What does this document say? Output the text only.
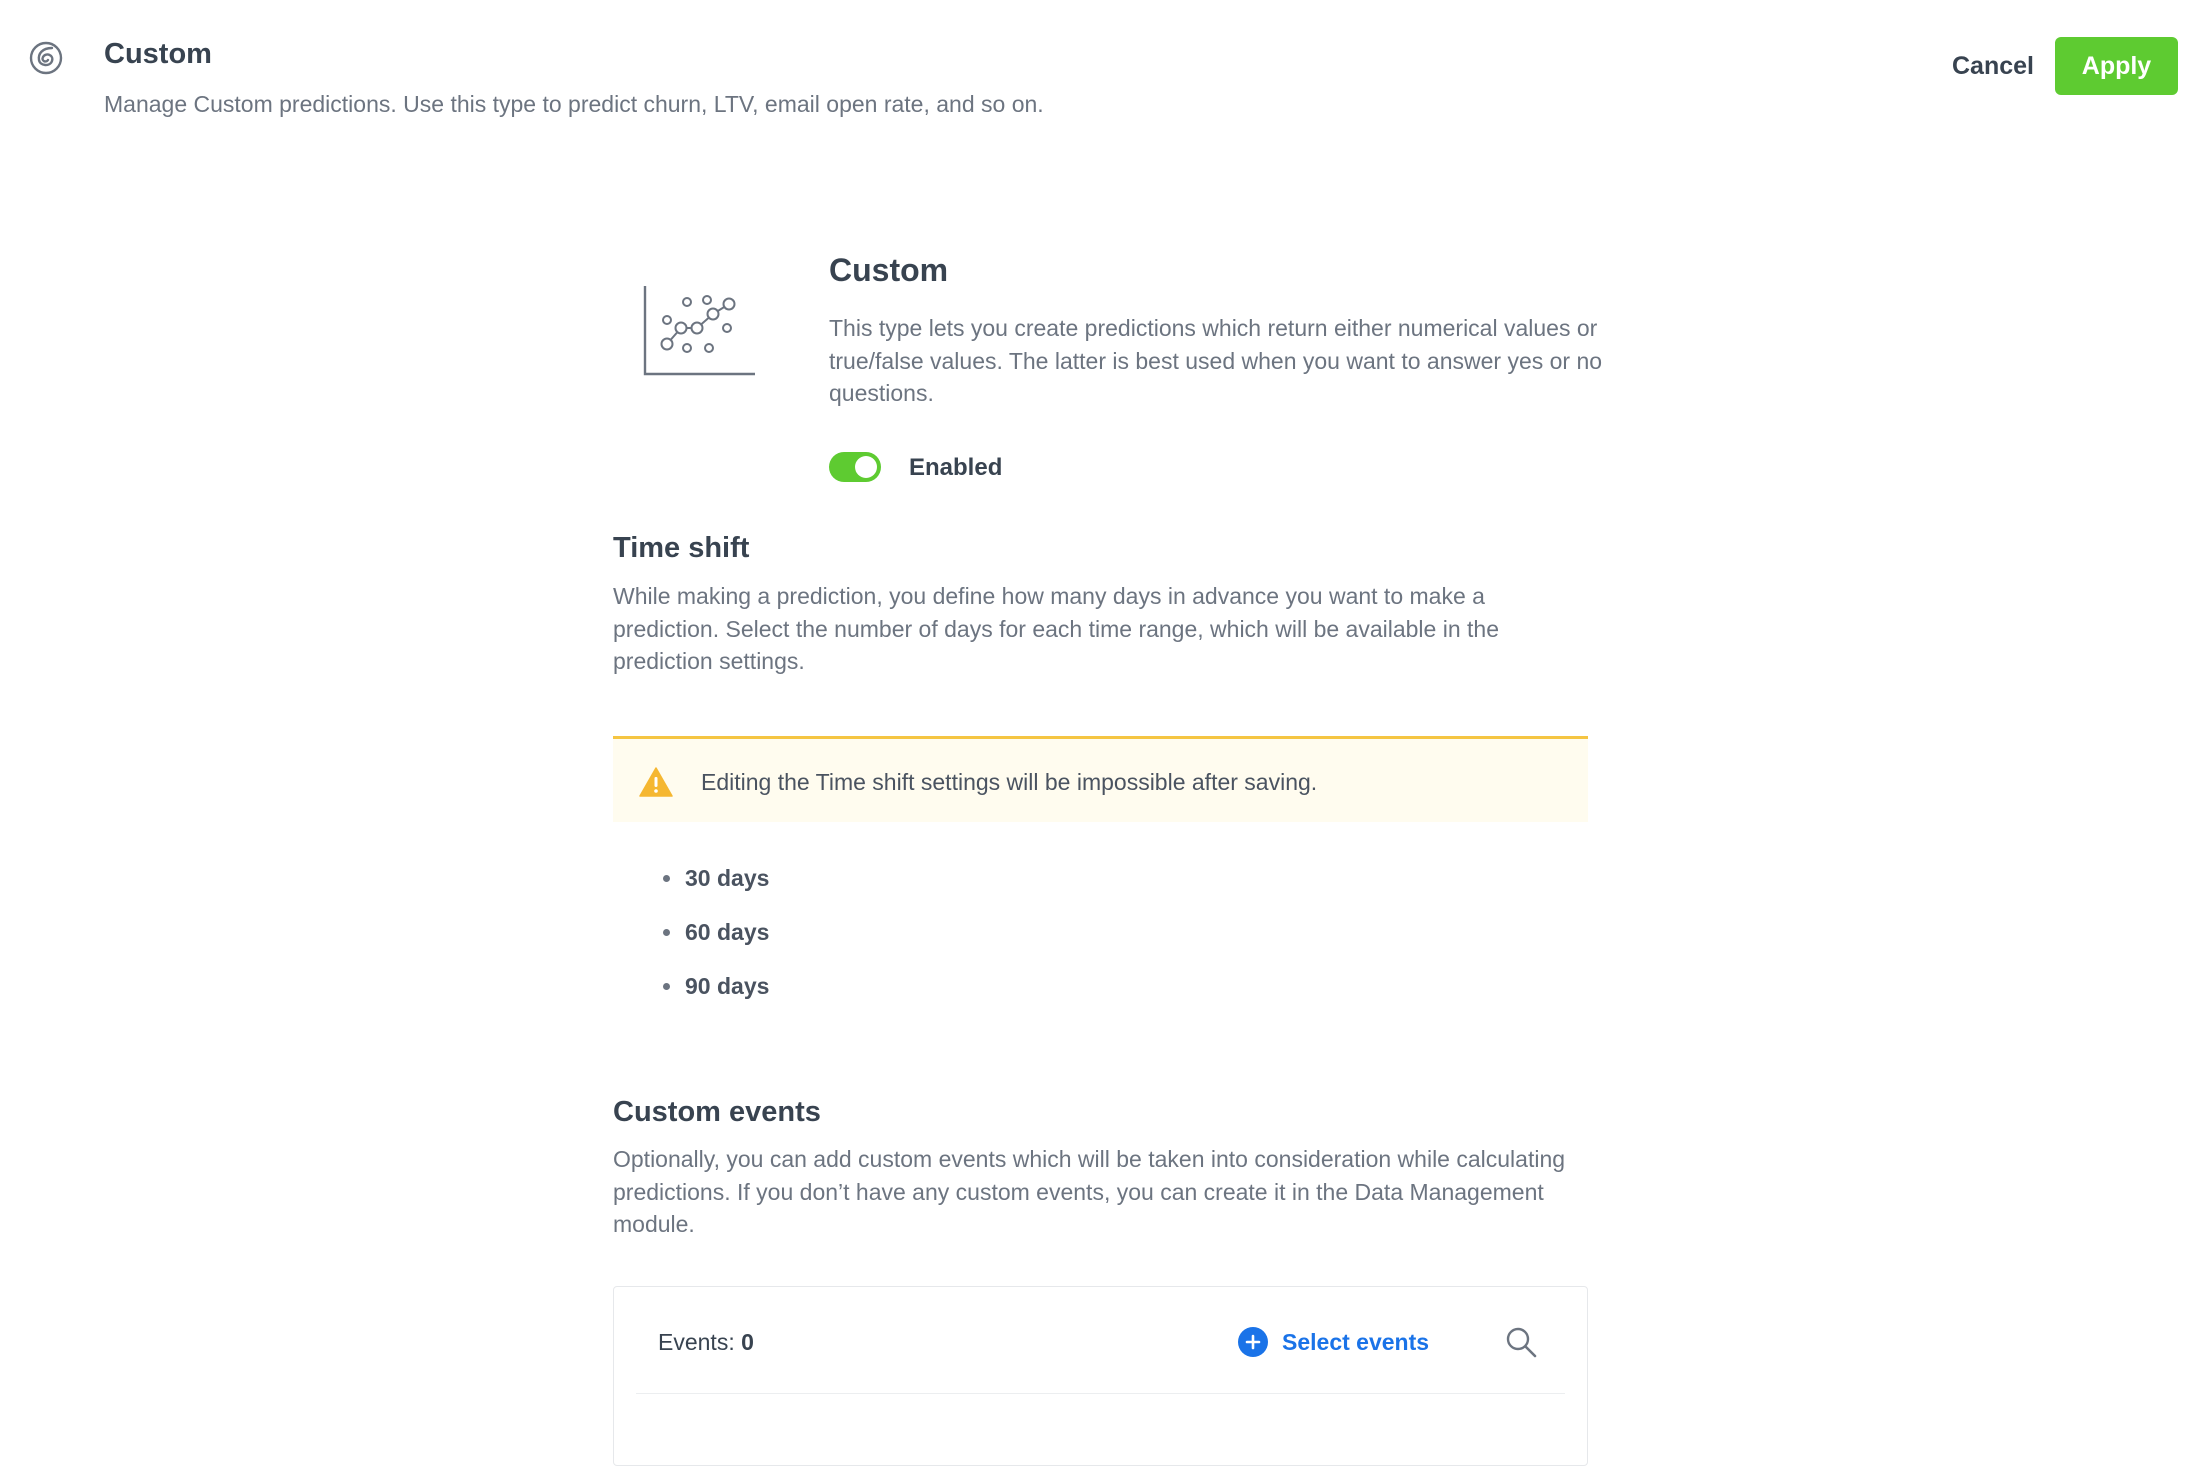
Custom
Manage Custom predictions. Use this type to predict churn, LTV, email open rate, and so on.
Cancel	Apply
Custom
This type lets you create predictions which return either numerical values or true/false values. The latter is best used when you want to answer yes or no questions.
Enabled
Time shift
While making a prediction, you define how many days in advance you want to make a prediction. Select the number of days for each time range, which will be available in the prediction settings.
Editing the Time shift settings will be impossible after saving.
30 days
60 days
90 days
Custom events
Optionally, you can add custom events which will be taken into consideration while calculating predictions. If you don’t have any custom events, you can create it in the Data Management module.
Events: 0	Select events
